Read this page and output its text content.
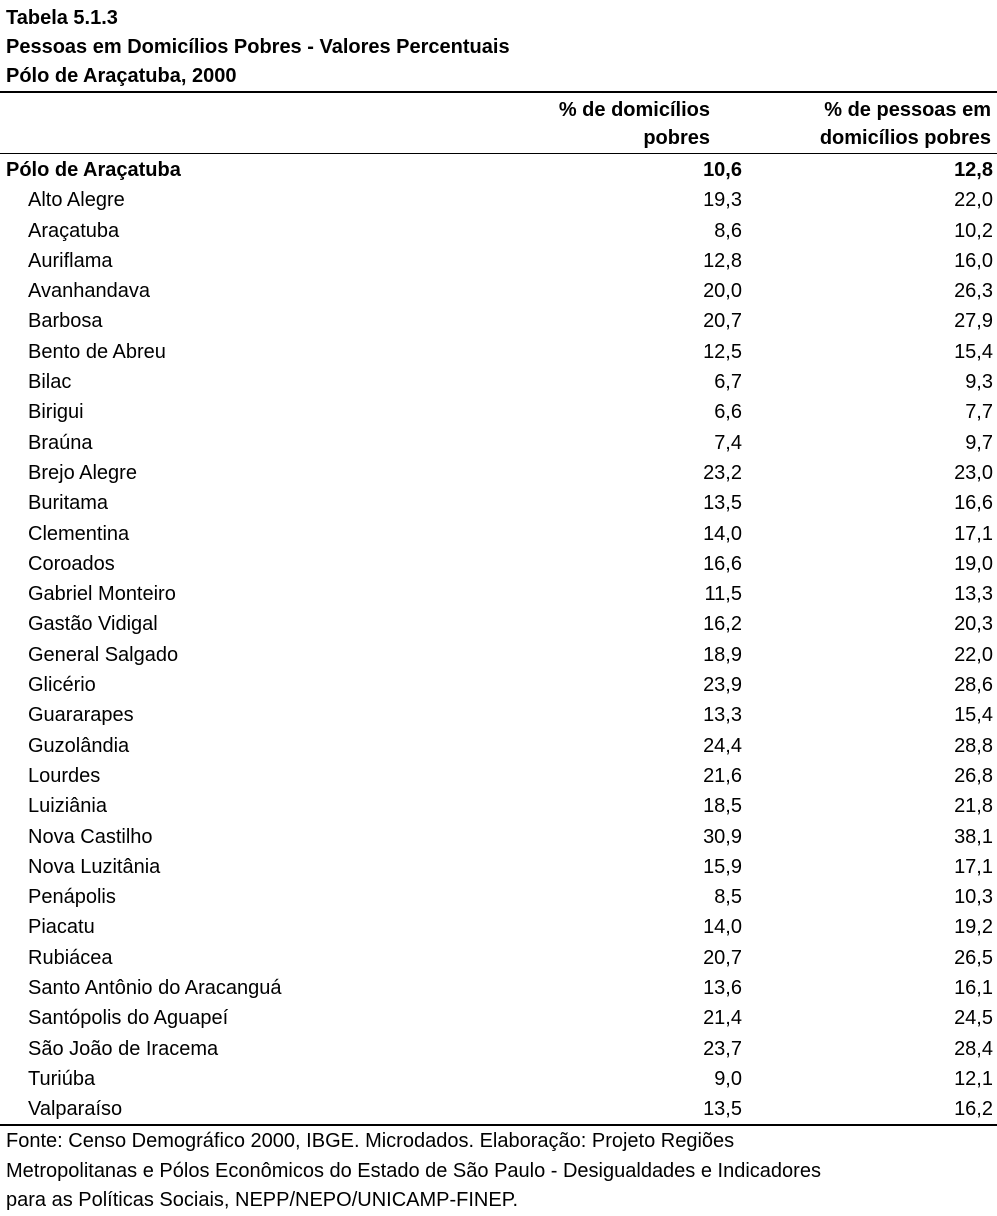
Tabela 5.1.3
Pessoas em Domicílios Pobres - Valores Percentuais
Pólo de Araçatuba, 2000
% de domicílios
pobres
% de pessoas em
domicílios pobres
Pólo de Araçatuba	10,6	12,8
Alto Alegre	19,3	22,0
Araçatuba	8,6	10,2
Auriflama	12,8	16,0
Avanhandava	20,0	26,3
Barbosa	20,7	27,9
Bento de Abreu	12,5	15,4
Bilac	6,7	9,3
Birigui	6,6	7,7
Braúna	7,4	9,7
Brejo Alegre	23,2	23,0
Buritama	13,5	16,6
Clementina	14,0	17,1
Coroados	16,6	19,0
Gabriel Monteiro	11,5	13,3
Gastão Vidigal	16,2	20,3
General Salgado	18,9	22,0
Glicério	23,9	28,6
Guararapes	13,3	15,4
Guzolândia	24,4	28,8
Lourdes	21,6	26,8
Luiziânia	18,5	21,8
Nova Castilho	30,9	38,1
Nova Luzitânia	15,9	17,1
Penápolis	8,5	10,3
Piacatu	14,0	19,2
Rubiácea	20,7	26,5
Santo Antônio do Aracanguá	13,6	16,1
Santópolis do Aguapeí	21,4	24,5
São João de Iracema	23,7	28,4
Turiúba	9,0	12,1
Valparaíso	13,5	16,2
Fonte: Censo Demográfico 2000, IBGE. Microdados. Elaboração: Projeto Regiões
Metropolitanas e Pólos Econômicos do Estado de São Paulo - Desigualdades e Indicadores
para as Políticas Sociais, NEPP/NEPO/UNICAMP-FINEP.
